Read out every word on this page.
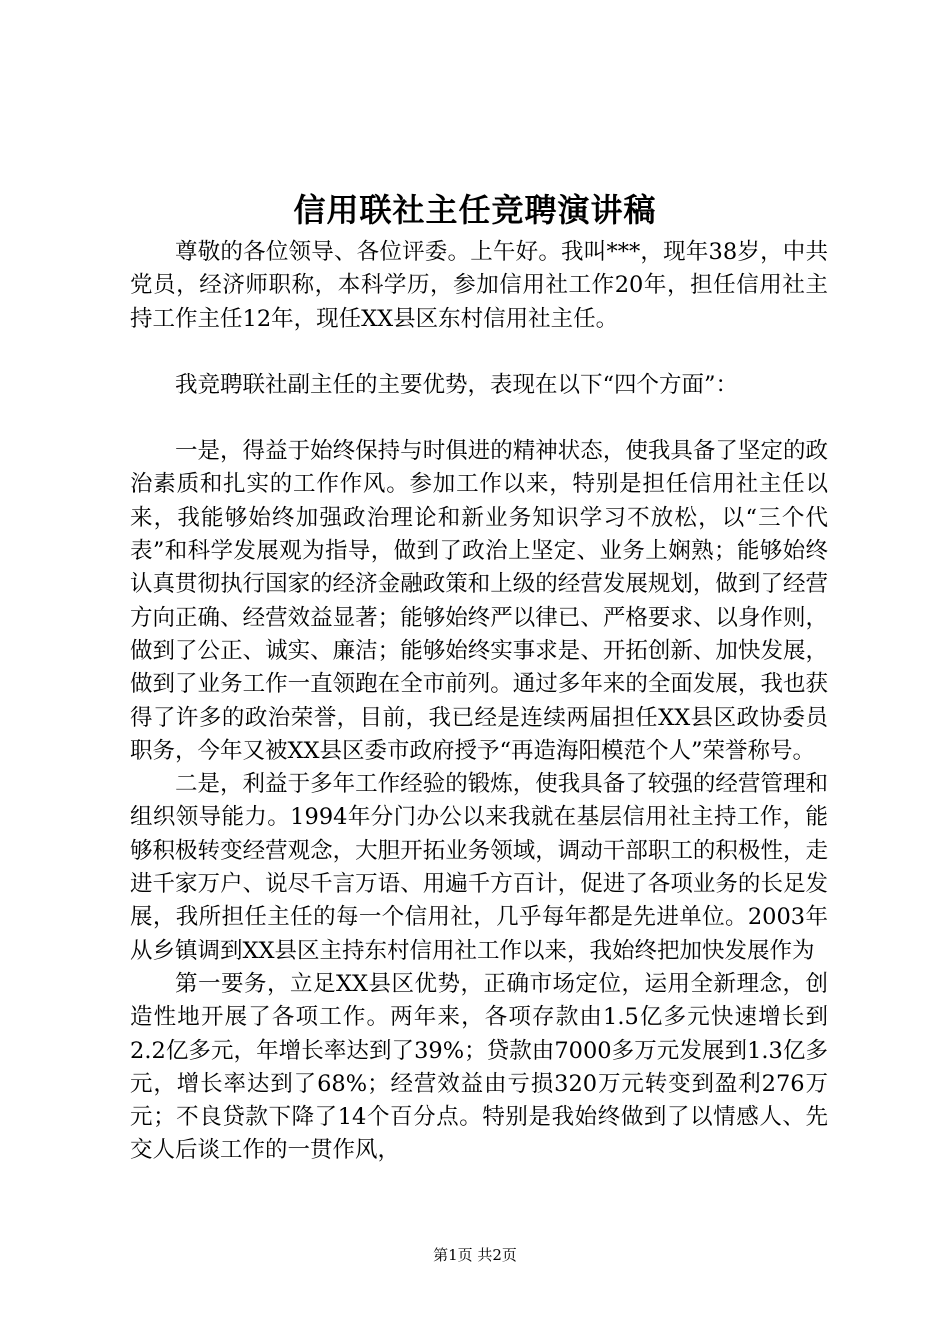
信用联社主任竞聘演讲稿

尊敬的各位领导、各位评委。上午好。我叫***，现年38岁，中共党员，经济师职称，本科学历，参加信用社工作20年，担任信用社主持工作主任12年，现任XX县区东村信用社主任。

我竞聘联社副主任的主要优势，表现在以下“四个方面”：

一是，得益于始终保持与时俱进的精神状态，使我具备了坚定的政治素质和扎实的工作作风。参加工作以来，特别是担任信用社主任以来，我能够始终加强政治理论和新业务知识学习不放松，以“三个代表”和科学发展观为指导，做到了政治上坚定、业务上娴熟；能够始终认真贯彻执行国家的经济金融政策和上级的经营发展规划，做到了经营方向正确、经营效益显著；能够始终严以律已、严格要求、以身作则，做到了公正、诚实、廉洁；能够始终实事求是、开拓创新、加快发展，做到了业务工作一直领跑在全市前列。通过多年来的全面发展，我也获得了许多的政治荣誉，目前，我已经是连续两届担任XX县区政协委员职务，今年又被XX县区委市政府授予“再造海阳模范个人”荣誉称号。

二是，利益于多年工作经验的锻炼，使我具备了较强的经营管理和组织领导能力。1994年分门办公以来我就在基层信用社主持工作，能够积极转变经营观念，大胆开拓业务领域，调动干部职工的积极性，走进千家万户、说尽千言万语、用遍千方百计，促进了各项业务的长足发展，我所担任主任的每一个信用社，几乎每年都是先进单位。2003年从乡镇调到XX县区主持东村信用社工作以来，我始终把加快发展作为

第一要务，立足XX县区优势，正确市场定位，运用全新理念，创造性地开展了各项工作。两年来，各项存款由1.5亿多元快速增长到2.2亿多元，年增长率达到了39%；贷款由7000多万元发展到1.3亿多元，增长率达到了68%；经营效益由亏损320万元转变到盈利276万元；不良贷款下降了14个百分点。特别是我始终做到了以情感人、先交人后谈工作的一贯作风，

第1页 共2页
